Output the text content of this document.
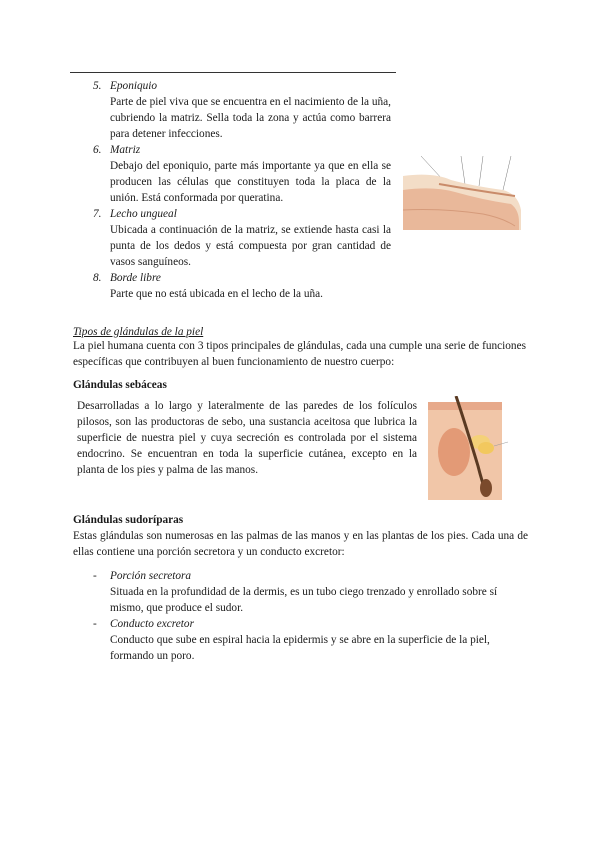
5. Eponiquio
Parte de piel viva que se encuentra en el nacimiento de la uña, cubriendo la matriz. Sella toda la zona y actúa como barrera para detener infecciones.
6. Matriz
Debajo del eponiquio, parte más importante ya que en ella se producen las células que constituyen toda la placa de la unión. Está conformada por queratina.
7. Lecho ungueal
Ubicada a continuación de la matriz, se extiende hasta casi la punta de los dedos y está compuesta por gran cantidad de vasos sanguíneos.
8. Borde libre
Parte que no está ubicada en el lecho de la uña.
Tipos de glándulas de la piel
La piel humana cuenta con 3 tipos principales de glándulas, cada una cumple una serie de funciones específicas que contribuyen al buen funcionamiento de nuestro cuerpo:
Glándulas sebáceas
Desarrolladas a lo largo y lateralmente de las paredes de los folículos pilosos, son las productoras de sebo, una sustancia aceitosa que lubrica la superficie de nuestra piel y cuya secreción es controlada por el sistema endocrino. Se encuentran en toda la superficie cutánea, excepto en la planta de los pies y palma de las manos.
Glándulas sudoríparas
Estas glándulas son numerosas en las palmas de las manos y en las plantas de los pies. Cada una de ellas contiene una porción secretora y un conducto excretor:
- Porción secretora
Situada en la profundidad de la dermis, es un tubo ciego trenzado y enrollado sobre sí mismo, que produce el sudor.
- Conducto excretor
Conducto que sube en espiral hacia la epidermis y se abre en la superficie de la piel, formando un poro.
